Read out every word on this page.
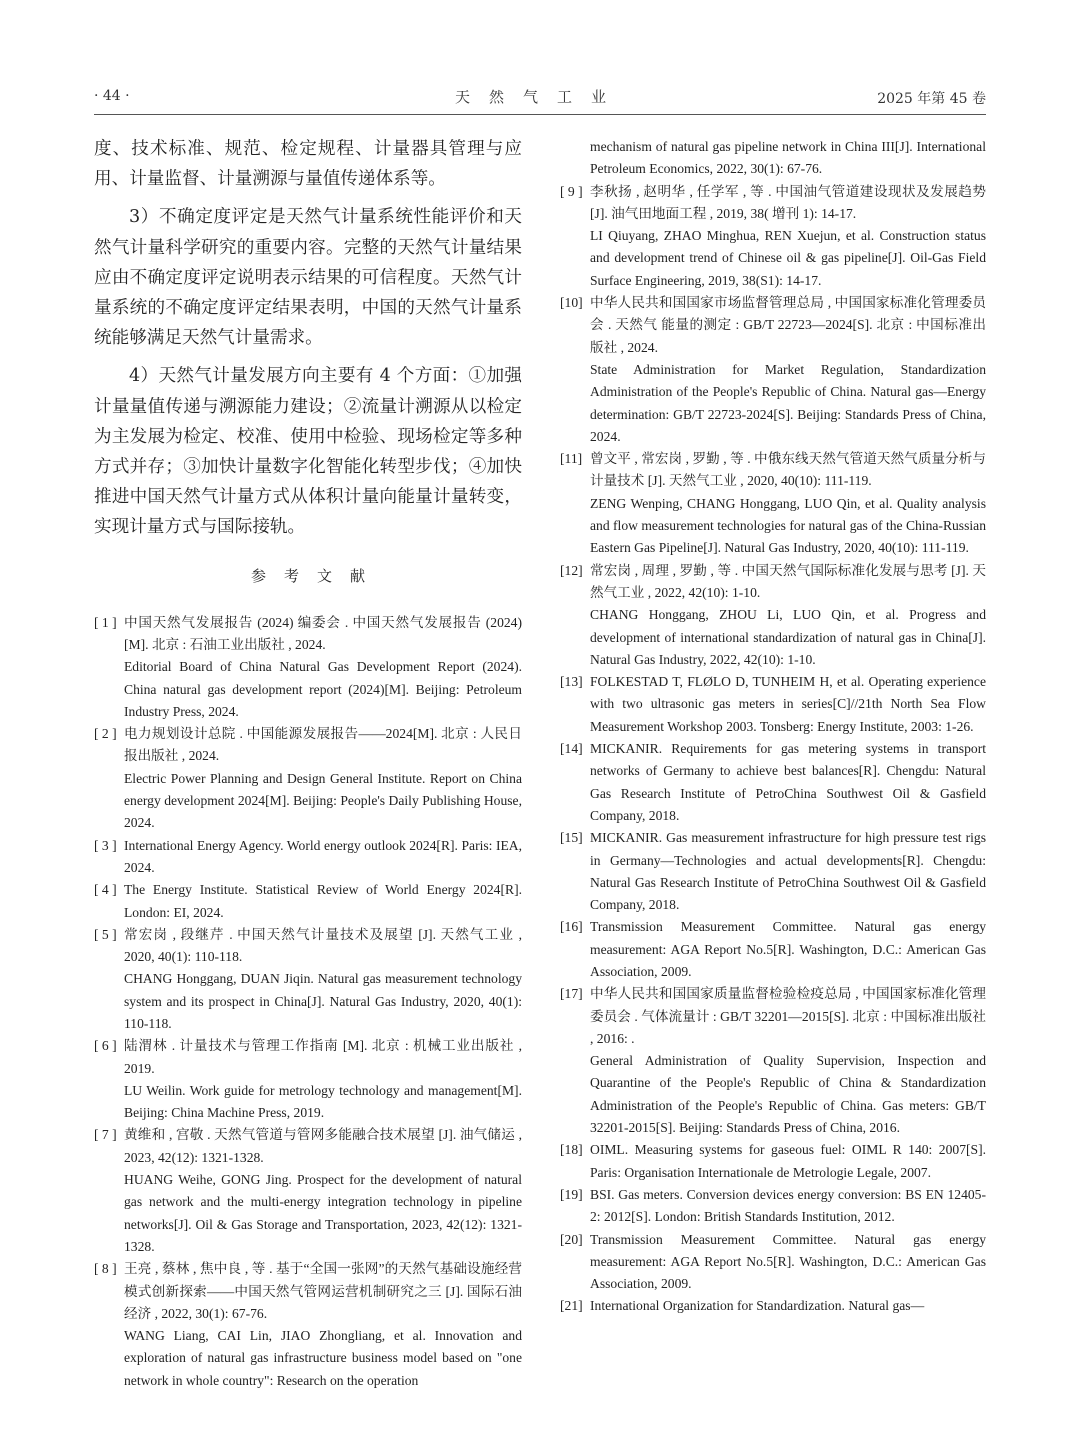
· 44 ·	天然气工业	2025 年第 45 卷

度、技术标准、规范、检定规程、计量器具管理与应用、计量监督、计量溯源与量值传递体系等。

3）不确定度评定是天然气计量系统性能评价和天然气计量科学研究的重要内容。完整的天然气计量结果应由不确定度评定说明表示结果的可信程度。天然气计量系统的不确定度评定结果表明，中国的天然气计量系统能够满足天然气计量需求。

4）天然气计量发展方向主要有 4 个方面：①加强计量量值传递与溯源能力建设；②流量计溯源从以检定为主发展为检定、校准、使用中检验、现场检定等多种方式并存；③加快计量数字化智能化转型步伐；④加快推进中国天然气计量方式从体积计量向能量计量转变，实现计量方式与国际接轨。

参考文献
[ 1 ] 中国天然气发展报告 (2024) 编委会 . 中国天然气发展报告 (2024)[M]. 北京 : 石油工业出版社 , 2024.
Editorial Board of China Natural Gas Development Report (2024). China natural gas development report (2024)[M]. Beijing: Petroleum Industry Press, 2024.
[ 2 ] 电力规划设计总院 . 中国能源发展报告——2024[M]. 北京 : 人民日报出版社 , 2024.
Electric Power Planning and Design General Institute. Report on China energy development 2024[M]. Beijing: People's Daily Publishing House, 2024.
[ 3 ] International Energy Agency. World energy outlook 2024[R]. Paris: IEA, 2024.
[ 4 ] The Energy Institute. Statistical Review of World Energy 2024[R]. London: EI, 2024.
[ 5 ] 常宏岗 , 段继芹 . 中国天然气计量技术及展望 [J]. 天然气工业 , 2020, 40(1): 110-118.
CHANG Honggang, DUAN Jiqin. Natural gas measurement technology system and its prospect in China[J]. Natural Gas Industry, 2020, 40(1): 110-118.
[ 6 ] 陆渭林 . 计量技术与管理工作指南 [M]. 北京 : 机械工业出版社 , 2019.
LU Weilin. Work guide for metrology technology and management[M]. Beijing: China Machine Press, 2019.
[ 7 ] 黄维和 , 宫敬 . 天然气管道与管网多能融合技术展望 [J]. 油气储运 , 2023, 42(12): 1321-1328.
HUANG Weihe, GONG Jing. Prospect for the development of natural gas network and the multi-energy integration technology in pipeline networks[J]. Oil & Gas Storage and Transportation, 2023, 42(12): 1321-1328.
[ 8 ] 王亮 , 蔡林 , 焦中良 , 等 . 基于“全国一张网”的天然气基础设施经营模式创新探索——中国天然气管网运营机制研究之三 [J]. 国际石油经济 , 2022, 30(1): 67-76.
WANG Liang, CAI Lin, JIAO Zhongliang, et al. Innovation and exploration of natural gas infrastructure business model based on "one network in whole country": Research on the operation
mechanism of natural gas pipeline network in China III[J]. International Petroleum Economics, 2022, 30(1): 67-76.
[ 9 ] 李秋扬 , 赵明华 , 任学军 , 等 . 中国油气管道建设现状及发展趋势 [J]. 油气田地面工程 , 2019, 38( 增刊 1): 14-17.
LI Qiuyang, ZHAO Minghua, REN Xuejun, et al. Construction status and development trend of Chinese oil & gas pipeline[J]. Oil-Gas Field Surface Engineering, 2019, 38(S1): 14-17.
[10] 中华人民共和国国家市场监督管理总局 , 中国国家标准化管理委员会 . 天然气 能量的测定 : GB/T 22723—2024[S]. 北京 : 中国标准出版社 , 2024.
State Administration for Market Regulation, Standardization Administration of the People's Republic of China. Natural gas—Energy determination: GB/T 22723-2024[S]. Beijing: Standards Press of China, 2024.
[11] 曾文平 , 常宏岗 , 罗勤 , 等 . 中俄东线天然气管道天然气质量分析与计量技术 [J]. 天然气工业 , 2020, 40(10): 111-119.
ZENG Wenping, CHANG Honggang, LUO Qin, et al. Quality analysis and flow measurement technologies for natural gas of the China-Russian Eastern Gas Pipeline[J]. Natural Gas Industry, 2020, 40(10): 111-119.
[12] 常宏岗 , 周理 , 罗勤 , 等 . 中国天然气国际标准化发展与思考 [J]. 天然气工业 , 2022, 42(10): 1-10.
CHANG Honggang, ZHOU Li, LUO Qin, et al. Progress and development of international standardization of natural gas in China[J]. Natural Gas Industry, 2022, 42(10): 1-10.
[13] FOLKESTAD T, FLØLO D, TUNHEIM H, et al. Operating experience with two ultrasonic gas meters in series[C]//21th North Sea Flow Measurement Workshop 2003. Tonsberg: Energy Institute, 2003: 1-26.
[14] MICKANIR. Requirements for gas metering systems in transport networks of Germany to achieve best balances[R]. Chengdu: Natural Gas Research Institute of PetroChina Southwest Oil & Gasfield Company, 2018.
[15] MICKANIR. Gas measurement infrastructure for high pressure test rigs in Germany—Technologies and actual developments[R]. Chengdu: Natural Gas Research Institute of PetroChina Southwest Oil & Gasfield Company, 2018.
[16] Transmission Measurement Committee. Natural gas energy measurement: AGA Report No.5[R]. Washington, D.C.: American Gas Association, 2009.
[17] 中华人民共和国国家质量监督检验检疫总局 , 中国国家标准化管理委员会 . 气体流量计 : GB/T 32201—2015[S]. 北京 : 中国标准出版社 , 2016: .
General Administration of Quality Supervision, Inspection and Quarantine of the People's Republic of China & Standardization Administration of the People's Republic of China. Gas meters: GB/T 32201-2015[S]. Beijing: Standards Press of China, 2016.
[18] OIML. Measuring systems for gaseous fuel: OIML R 140: 2007[S]. Paris: Organisation Internationale de Metrologie Legale, 2007.
[19] BSI. Gas meters. Conversion devices energy conversion: BS EN 12405-2: 2012[S]. London: British Standards Institution, 2012.
[20] Transmission Measurement Committee. Natural gas energy measurement: AGA Report No.5[R]. Washington, D.C.: American Gas Association, 2009.
[21] International Organization for Standardization. Natural gas—
